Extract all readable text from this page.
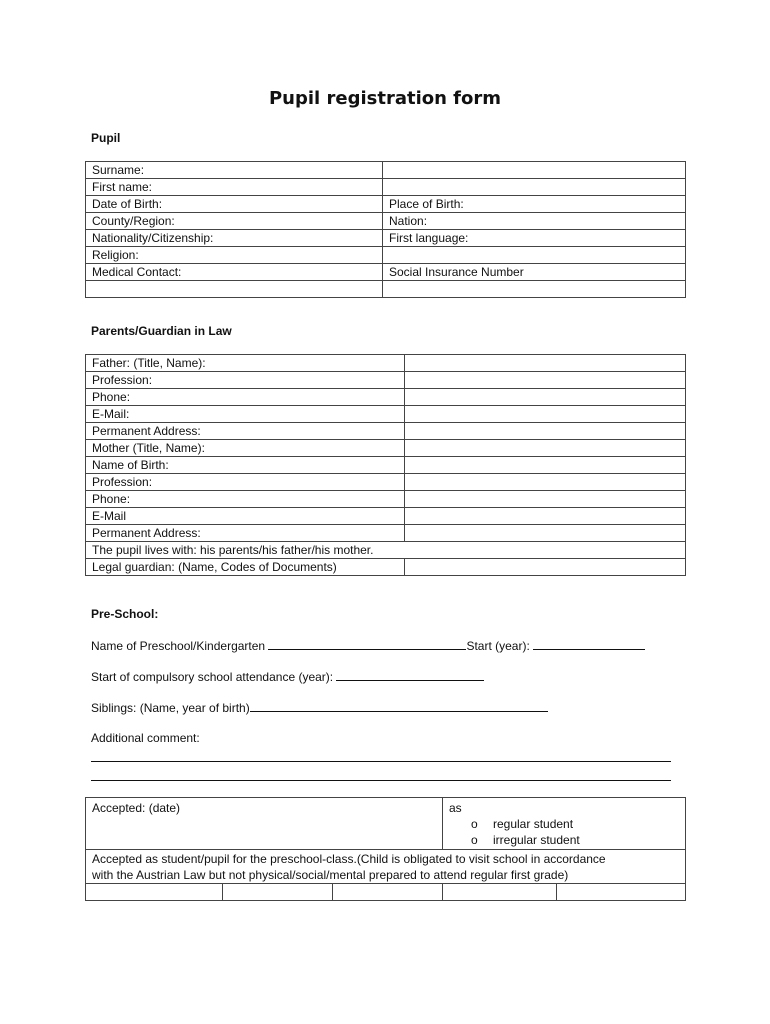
Pupil registration form
Pupil
Surname:	
First name:	
Date of Birth:	Place of Birth:
County/Region:	Nation:
Nationality/Citizenship:	First language:
Religion:	
Medical Contact:	Social Insurance Number

Parents/Guardian in Law
Father: (Title, Name):	
Profession:	
Phone:	
E-Mail:	
Permanent Address:	
Mother (Title, Name):	
Name of Birth:	
Profession:	
Phone:	
E-Mail	
Permanent Address:	
The pupil lives with: his parents/his father/his mother.	
Legal guardian: (Name, Codes of Documents)	
Pre-School:
Name of Preschool/Kindergarten	Start (year):
Start of compulsory school attendance (year):
Siblings: (Name, year of birth)
Additional comment:
Accepted: (date)			as
o regular student
o irregular student	

Accepted as student/pupil for the preschool-class.(Child is obligated to visit school in accordance
with the Austrian Law but not physical/social/mental prepared to attend regular first grade)				
